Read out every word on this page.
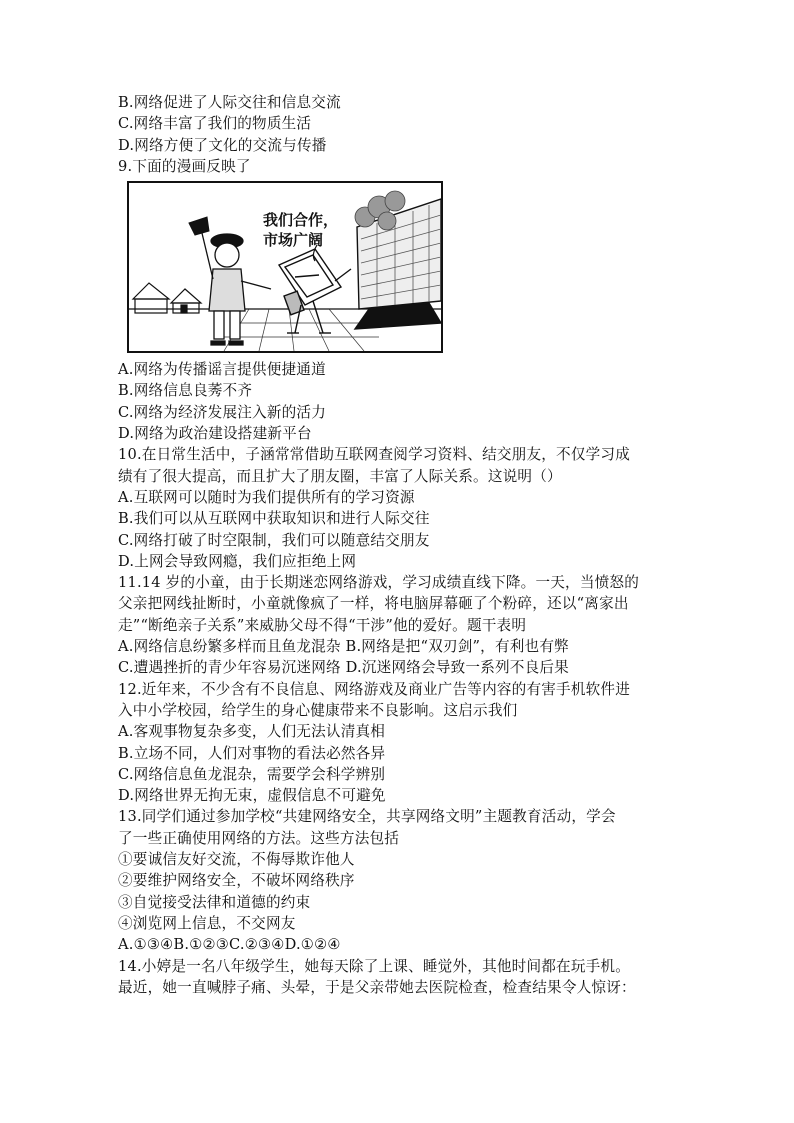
B.网络促进了人际交往和信息交流
C.网络丰富了我们的物质生活
D.网络方便了文化的交流与传播
9.下面的漫画反映了
我们合作，
市场广阔
A.网络为传播谣言提供便捷通道
B.网络信息良莠不齐
C.网络为经济发展注入新的活力
D.网络为政治建设搭建新平台
10.在日常生活中，子涵常常借助互联网查阅学习资料、结交朋友，不仅学习成
绩有了很大提高，而且扩大了朋友圈，丰富了人际关系。这说明（）
A.互联网可以随时为我们提供所有的学习资源
B.我们可以从互联网中获取知识和进行人际交往
C.网络打破了时空限制，我们可以随意结交朋友
D.上网会导致网瘾，我们应拒绝上网
11.14 岁的小童，由于长期迷恋网络游戏，学习成绩直线下降。一天，当愤怒的
父亲把网线扯断时，小童就像疯了一样，将电脑屏幕砸了个粉碎，还以“离家出
走”“断绝亲子关系”来威胁父母不得“干涉”他的爱好。题干表明
A.网络信息纷繁多样而且鱼龙混杂 B.网络是把“双刃剑”，有利也有弊
C.遭遇挫折的青少年容易沉迷网络 D.沉迷网络会导致一系列不良后果
12.近年来，不少含有不良信息、网络游戏及商业广告等内容的有害手机软件进
入中小学校园，给学生的身心健康带来不良影响。这启示我们
A.客观事物复杂多变，人们无法认清真相
B.立场不同，人们对事物的看法必然各异
C.网络信息鱼龙混杂，需要学会科学辨别
D.网络世界无拘无束，虚假信息不可避免
13.同学们通过参加学校“共建网络安全，共享网络文明”主题教育活动，学会
了一些正确使用网络的方法。这些方法包括
①要诚信友好交流，不侮辱欺诈他人
②要维护网络安全，不破坏网络秩序
③自觉接受法律和道德的约束
④浏览网上信息，不交网友
A.①③④B.①②③C.②③④D.①②④
14.小婷是一名八年级学生，她每天除了上课、睡觉外，其他时间都在玩手机。
最近，她一直喊脖子痛、头晕，于是父亲带她去医院检查，检查结果令人惊讶：
